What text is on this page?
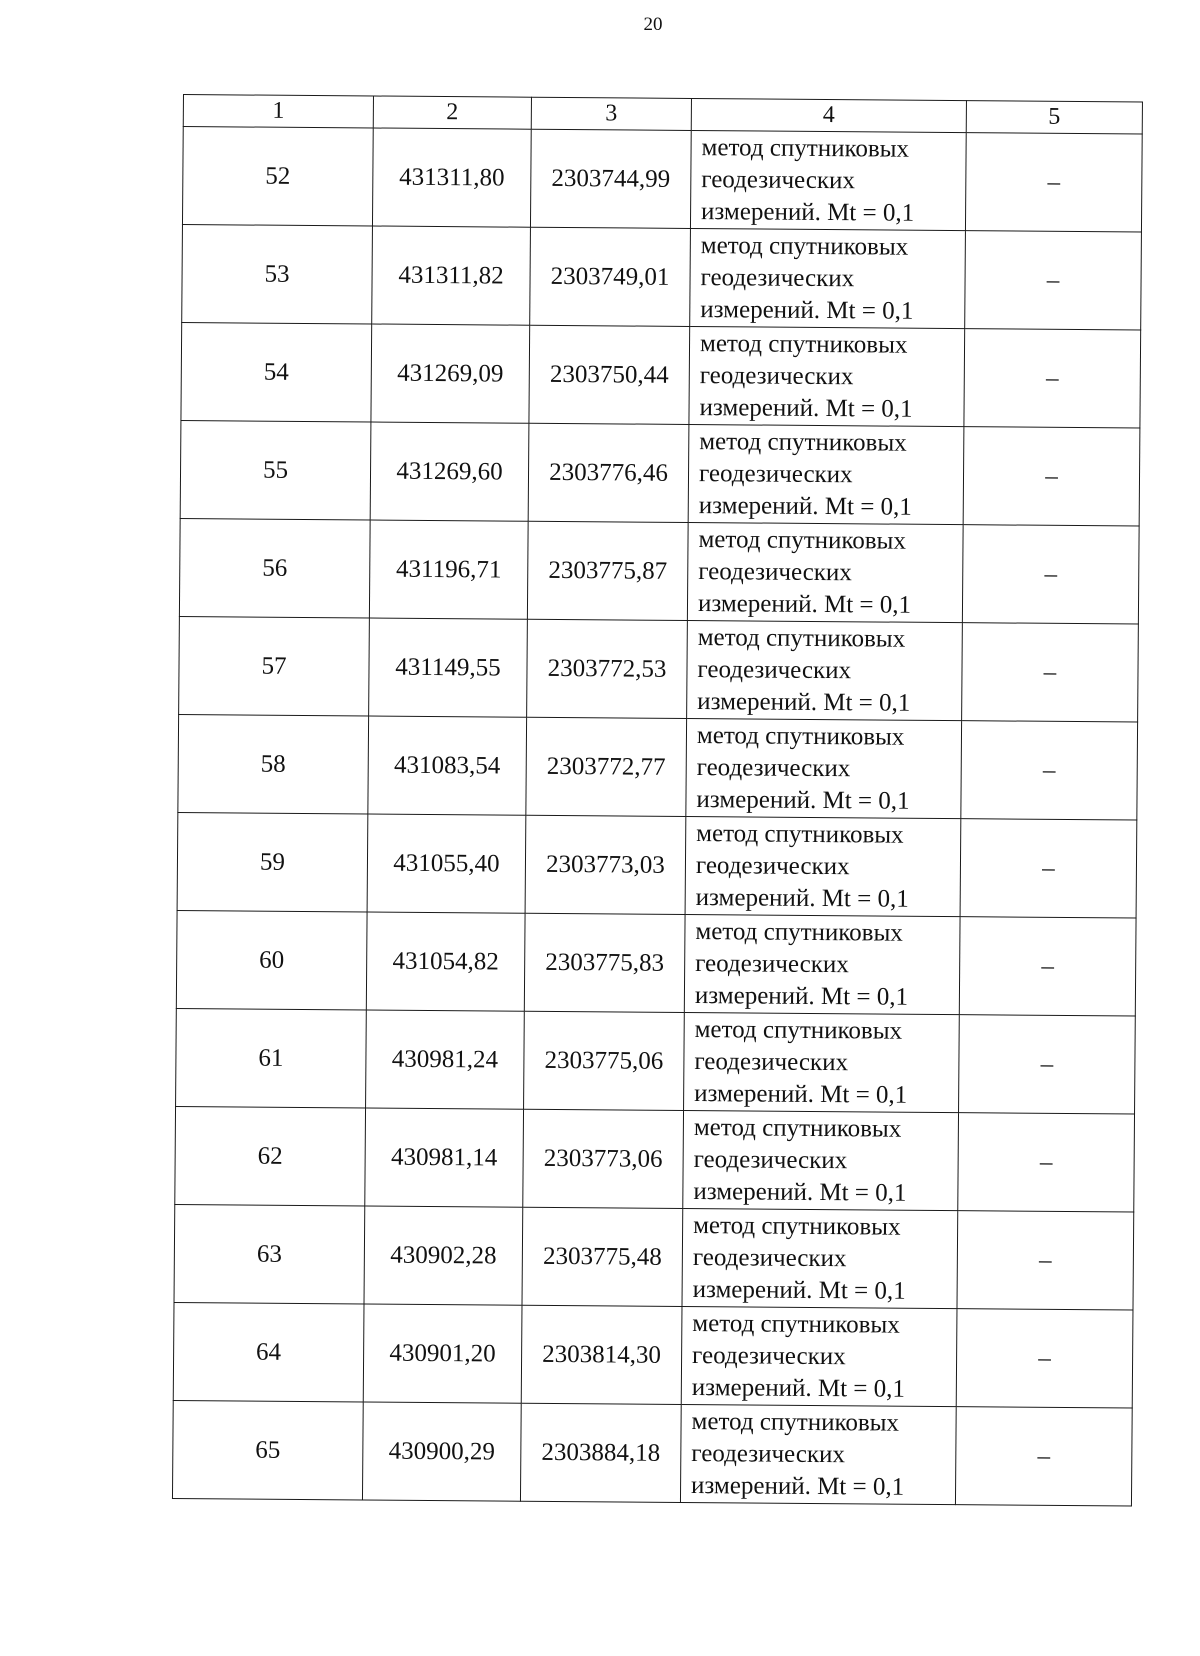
20
1	2	3	4	5
52	431311,80	2303744,99	метод спутниковых
геодезических
измерений. Mt = 0,1	–
53	431311,82	2303749,01	метод спутниковых
геодезических
измерений. Mt = 0,1	–
54	431269,09	2303750,44	метод спутниковых
геодезических
измерений. Mt = 0,1	–
55	431269,60	2303776,46	метод спутниковых
геодезических
измерений. Mt = 0,1	–
56	431196,71	2303775,87	метод спутниковых
геодезических
измерений. Mt = 0,1	–
57	431149,55	2303772,53	метод спутниковых
геодезических
измерений. Mt = 0,1	–
58	431083,54	2303772,77	метод спутниковых
геодезических
измерений. Mt = 0,1	–
59	431055,40	2303773,03	метод спутниковых
геодезических
измерений. Mt = 0,1	–
60	431054,82	2303775,83	метод спутниковых
геодезических
измерений. Mt = 0,1	–
61	430981,24	2303775,06	метод спутниковых
геодезических
измерений. Mt = 0,1	–
62	430981,14	2303773,06	метод спутниковых
геодезических
измерений. Mt = 0,1	–
63	430902,28	2303775,48	метод спутниковых
геодезических
измерений. Mt = 0,1	–
64	430901,20	2303814,30	метод спутниковых
геодезических
измерений. Mt = 0,1	–
65	430900,29	2303884,18	метод спутниковых
геодезических
измерений. Mt = 0,1	–
